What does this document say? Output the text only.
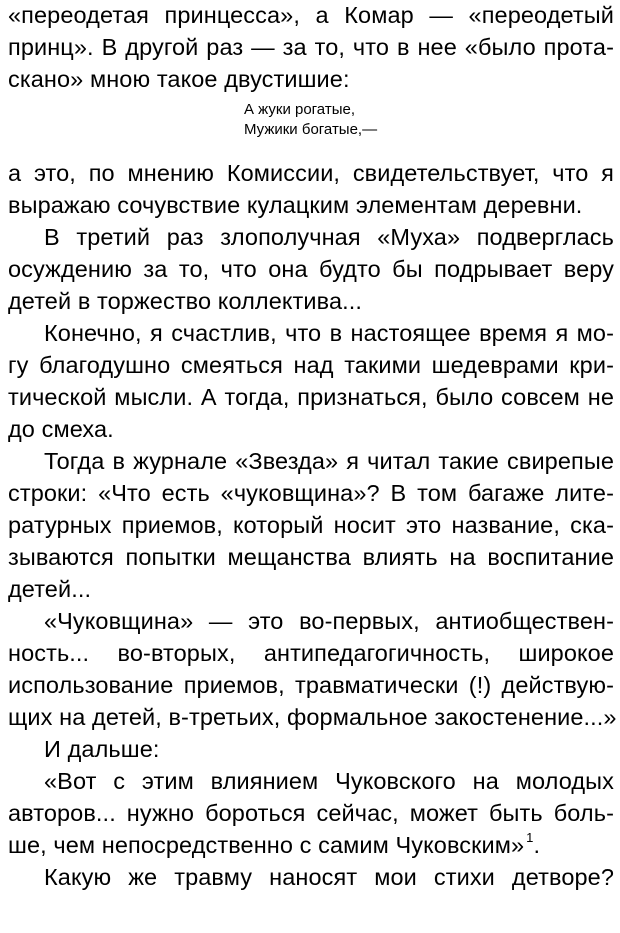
«переодетая принцесса», а Комар — «переодетый
принц». В другой раз — за то, что в нее «было прота-
скано» мною такое двустишие:
А жуки рогатые,
Мужики богатые,—
а это, по мнению Комиссии, свидетельствует, что я
выражаю сочувствие кулацким элементам деревни.
В третий раз злополучная «Муха» подверглась
осуждению за то, что она будто бы подрывает веру
детей в торжество коллектива...
Конечно, я счастлив, что в настоящее время я мо-
гу благодушно смеяться над такими шедеврами кри-
тической мысли. А тогда, признаться, было совсем не
до смеха.
Тогда в журнале «Звезда» я читал такие свирепые
строки: «Что есть «чуковщина»? В том багаже лите-
ратурных приемов, который носит это название, ска-
зываются попытки мещанства влиять на воспитание
детей...
«Чуковщина» — это во-первых, антиобществен-
ность... во-вторых, антипедагогичность, широкое
использование приемов, травматически (!) действую-
щих на детей, в-третьих, формальное закостенение...»
И дальше:
«Вот с этим влиянием Чуковского на молодых
авторов... нужно бороться сейчас, может быть боль-
ше, чем непосредственно с самим Чуковским» $^1$.
Какую же травму наносят мои стихи детворе?
